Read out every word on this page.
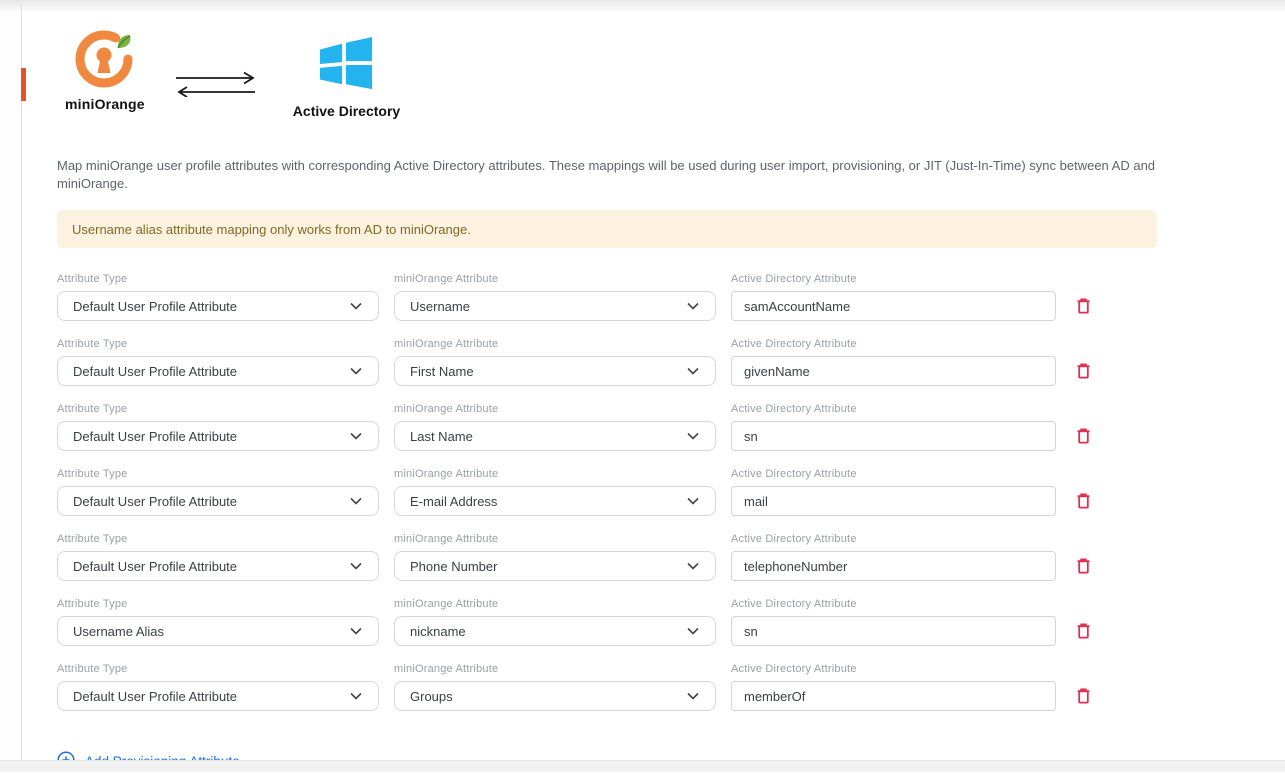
miniOrange	Active Directory

Map miniOrange user profile attributes with corresponding Active Directory attributes. These mappings will be used during user import, provisioning, or JIT (Just-In-Time) sync between AD and miniOrange.

Username alias attribute mapping only works from AD to miniOrange.
Attribute Type
Default User Profile Attribute
miniOrange Attribute
Username
Active Directory Attribute
samAccountName
Attribute Type
Default User Profile Attribute
miniOrange Attribute
First Name
Active Directory Attribute
givenName
Attribute Type
Default User Profile Attribute
miniOrange Attribute
Last Name
Active Directory Attribute
sn
Attribute Type
Default User Profile Attribute
miniOrange Attribute
E-mail Address
Active Directory Attribute
mail
Attribute Type
Default User Profile Attribute
miniOrange Attribute
Phone Number
Active Directory Attribute
telephoneNumber
Attribute Type
Username Alias
miniOrange Attribute
nickname
Active Directory Attribute
sn
Attribute Type
Default User Profile Attribute
miniOrange Attribute
Groups
Active Directory Attribute
memberOf
